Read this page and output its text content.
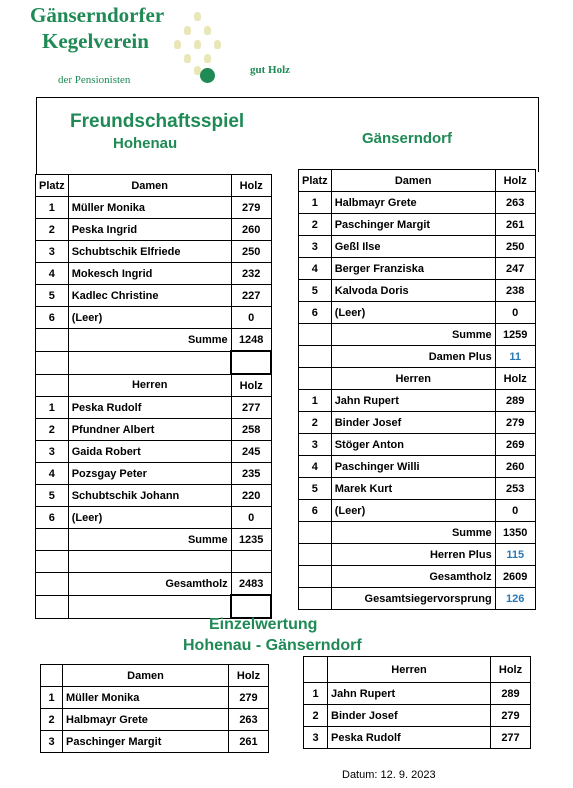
Gänserndorfer
Kegelverein
der Pensionisten
gut Holz
Freundschaftsspiel
Hohenau	Gänserndorf
Platz	Damen	Holz
1	Müller Monika	279
2	Peska Ingrid	260
3	Schubtschik Elfriede	250
4	Mokesch Ingrid	232
5	Kadlec Christine	227
6	(Leer)	0
	Summe	1248

	Herren	Holz
1	Peska Rudolf	277
2	Pfundner Albert	258
3	Gaida Robert	245
4	Pozsgay Peter	235
5	Schubtschik Johann	220
6	(Leer)	0
	Summe	1235

	Gesamtholz	2483

Platz	Damen	Holz
1	Halbmayr Grete	263
2	Paschinger Margit	261
3	Geßl Ilse	250
4	Berger Franziska	247
5	Kalvoda Doris	238
6	(Leer)	0
	Summe	1259
	Damen Plus	11
	Herren	Holz
1	Jahn Rupert	289
2	Binder Josef	279
3	Stöger Anton	269
4	Paschinger Willi	260
5	Marek Kurt	253
6	(Leer)	0
	Summe	1350
	Herren Plus	115
	Gesamtholz	2609
	Gesamtsiegervorsprung	126
Einzelwertung
Hohenau - Gänserndorf
	Damen	Holz
1	Müller Monika	279
2	Halbmayr Grete	263
3	Paschinger Margit	261
	Herren	Holz
1	Jahn Rupert	289
2	Binder Josef	279
3	Peska Rudolf	277
Datum: 12. 9. 2023
